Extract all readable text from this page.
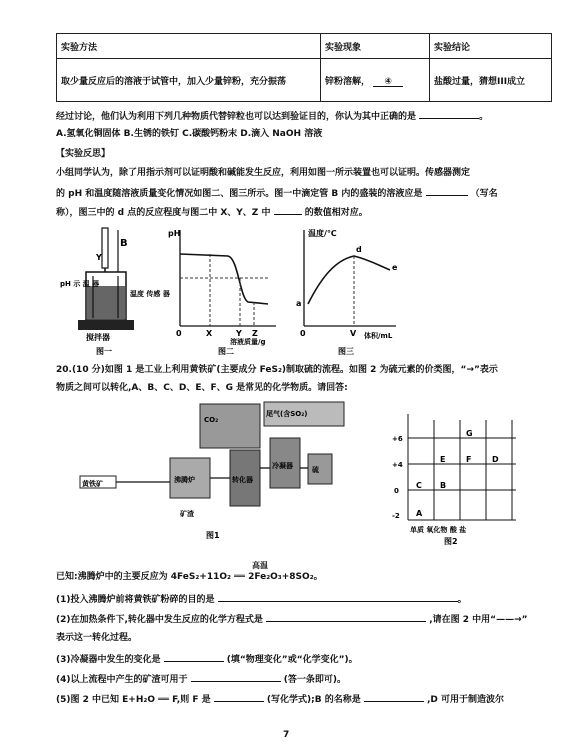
实验方法	实验现象	实验结论
取少量反应后的溶液于试管中，加入少量锌粉，充分振荡	锌粉溶解， ④	盐酸过量，猜想III成立
经过讨论，他们认为利用下列几种物质代替锌粒也可以达到验证目的，你认为其中正确的是	。
A.氢氧化铜固体 B.生锈的铁钉 C.碳酸钙粉末 D.滴入 NaOH 溶液
【实验反思】
小组同学认为，除了用指示剂可以证明酸和碱能发生反应，利用如图一所示装置也可以证明。传感器测定
的 pH 和温度随溶液质量变化情况如图二、图三所示。图一中滴定管 B 内的盛装的溶液应是	（写名
称），图三中的 d 点的反应程度与图二中 X、Y、Z 中	的数值相对应。
B
Y
pH 示 温 器
温度 传感 器
搅拌器
图一
pH
0	X	Y Z
溶液质量/g
图二
温度/℃
a
d
e
0	V 体积/mL
图三
20.(10 分)如图 1 是工业上利用黄铁矿(主要成分 FeS₂)制取硫的流程。如图 2 为硫元素的价类图，“→”表示
物质之间可以转化,A、B、C、D、E、F、G 是常见的化学物质。请回答:
黄铁矿	沸腾炉	转化器
冷凝器	硫
矿渣
尾气(含SO₂)
CO₂
图1
+6
+4
0
-2
G
E	F	D
C B
A
单质 氧化物 酸 盐
图2
高温
已知:沸腾炉中的主要反应为 4FeS₂+11O₂ ══ 2Fe₂O₃+8SO₂。
(1)投入沸腾炉前将黄铁矿粉碎的目的是	。
(2)在加热条件下,转化器中发生反应的化学方程式是	,请在图 2 中用“——→”
表示这一转化过程。
(3)冷凝器中发生的变化是	(填“物理变化”或“化学变化”)。
(4)以上流程中产生的矿渣可用于	(答一条即可)。
(5)图 2 中已知 E+H₂O ══ F,则 F 是	(写化学式);B 的名称是	,D 可用于制造波尔
7
